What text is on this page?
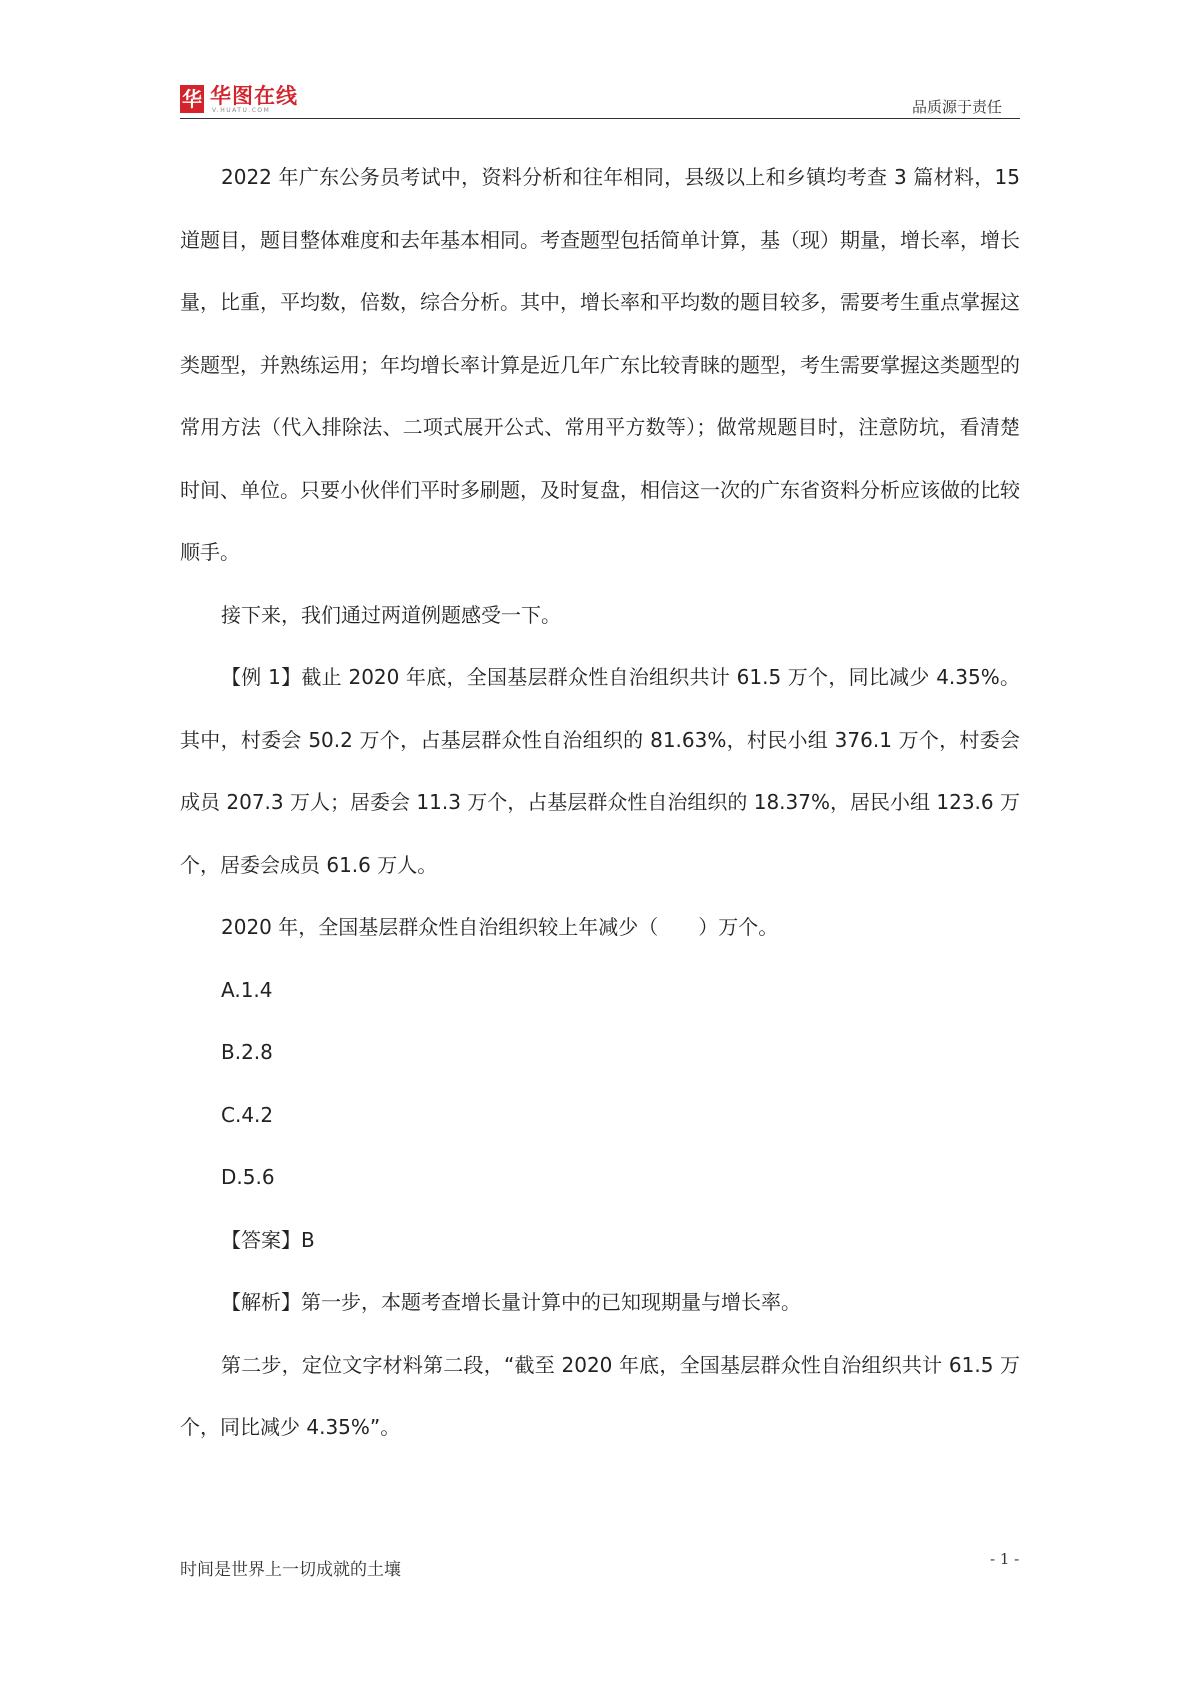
华 华图在线
V.HUATU.COM	品质源于责任

2022 年广东公务员考试中，资料分析和往年相同，县级以上和乡镇均考查 3 篇材料，15 道题目，题目整体难度和去年基本相同。考查题型包括简单计算，基（现）期量，增长率，增长量，比重，平均数，倍数，综合分析。其中，增长率和平均数的题目较多，需要考生重点掌握这类题型，并熟练运用；年均增长率计算是近几年广东比较青睐的题型，考生需要掌握这类题型的常用方法（代入排除法、二项式展开公式、常用平方数等）；做常规题目时，注意防坑，看清楚时间、单位。只要小伙伴们平时多刷题，及时复盘，相信这一次的广东省资料分析应该做的比较顺手。

接下来，我们通过两道例题感受一下。

【例 1】截止 2020 年底，全国基层群众性自治组织共计 61.5 万个，同比减少 4.35%。其中，村委会 50.2 万个，占基层群众性自治组织的 81.63%，村民小组 376.1 万个，村委会成员 207.3 万人；居委会 11.3 万个，占基层群众性自治组织的 18.37%，居民小组 123.6 万个，居委会成员 61.6 万人。

2020 年，全国基层群众性自治组织较上年减少（　　）万个。

A.1.4

B.2.8

C.4.2

D.5.6

【答案】B

【解析】第一步，本题考查增长量计算中的已知现期量与增长率。

第二步，定位文字材料第二段，“截至 2020 年底，全国基层群众性自治组织共计 61.5 万个，同比减少 4.35%”。

时间是世界上一切成就的土壤
- 1 -
